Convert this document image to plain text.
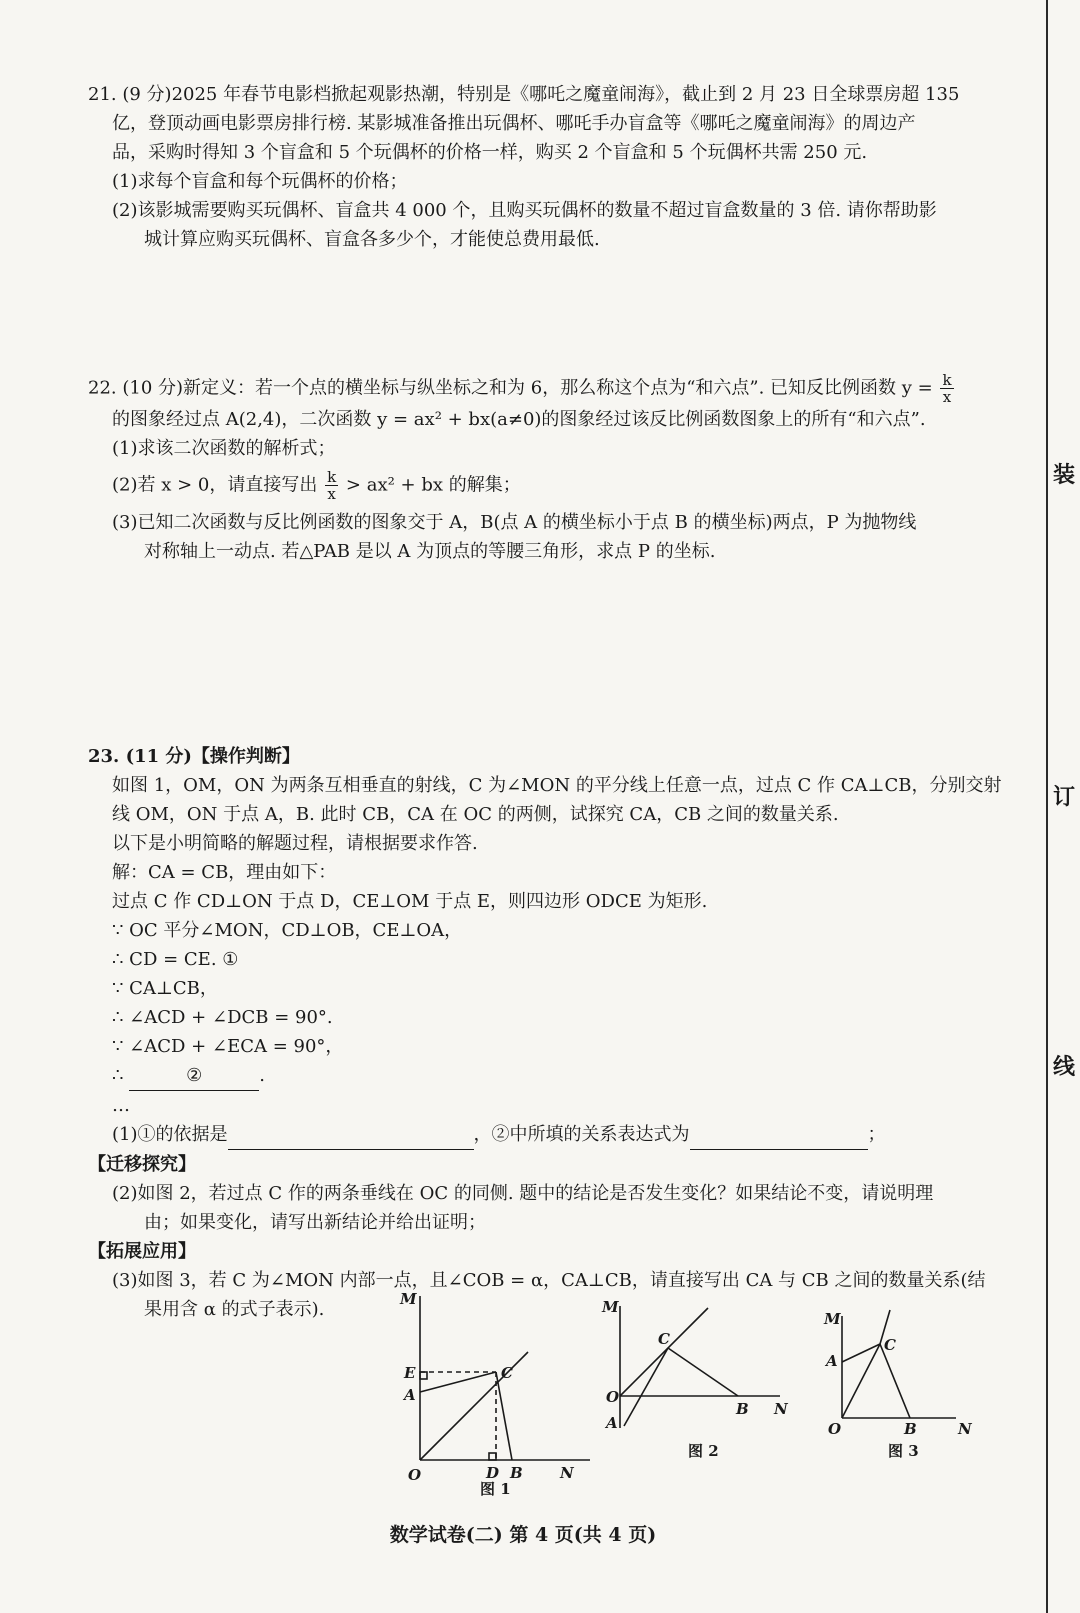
装
订
线
21. (9 分)2025 年春节电影档掀起观影热潮，特别是《哪吒之魔童闹海》，截止到 2 月 23 日全球票房超 135
亿，登顶动画电影票房排行榜. 某影城准备推出玩偶杯、哪吒手办盲盒等《哪吒之魔童闹海》的周边产
品，采购时得知 3 个盲盒和 5 个玩偶杯的价格一样，购买 2 个盲盒和 5 个玩偶杯共需 250 元.
(1)求每个盲盒和每个玩偶杯的价格；
(2)该影城需要购买玩偶杯、盲盒共 4 000 个，且购买玩偶杯的数量不超过盲盒数量的 3 倍. 请你帮助影
城计算应购买玩偶杯、盲盒各多少个，才能使总费用最低.
22. (10 分)新定义：若一个点的横坐标与纵坐标之和为 6，那么称这个点为“和六点”. 已知反比例函数 $y = \frac{k}{x}$
的图象经过点 A(2,4)，二次函数 y = ax² + bx(a≠0)的图象经过该反比例函数图象上的所有“和六点”.
(1)求该二次函数的解析式；
(2)若 x > 0，请直接写出 $\frac{k}{x} > ax^2$ + bx 的解集；
(3)已知二次函数与反比例函数的图象交于 A，B(点 A 的横坐标小于点 B 的横坐标)两点，P 为抛物线
对称轴上一动点. 若△PAB 是以 A 为顶点的等腰三角形，求点 P 的坐标.
23. (11 分)【操作判断】
如图 1，OM，ON 为两条互相垂直的射线，C 为∠MON 的平分线上任意一点，过点 C 作 CA⊥CB，分别交射
线 OM，ON 于点 A，B. 此时 CB，CA 在 OC 的两侧，试探究 CA，CB 之间的数量关系.
以下是小明简略的解题过程，请根据要求作答.
解：CA = CB，理由如下：
过点 C 作 CD⊥ON 于点 D，CE⊥OM 于点 E，则四边形 ODCE 为矩形.
∵ OC 平分∠MON，CD⊥OB，CE⊥OA，
∴ CD = CE. ①
∵ CA⊥CB，
∴ ∠ACD + ∠DCB = 90°.
∵ ∠ACD + ∠ECA = 90°，
∴	②	.
…
(1)①的依据是	，②中所填的关系表达式为	；
【迁移探究】
(2)如图 2，若过点 C 作的两条垂线在 OC 的同侧. 题中的结论是否发生变化？如果结论不变，请说明理
由；如果变化，请写出新结论并给出证明；
【拓展应用】
(3)如图 3，若 C 为∠MON 内部一点，且∠COB = α，CA⊥CB，请直接写出 CA 与 CB 之间的数量关系(结
果用含 α 的式子表示).	M
E
A
C
O	D B N
图 1
M
C
O
A
B N
图 2
M
A
C
O	B	N
图 3
数学试卷(二) 第 4 页(共 4 页)
